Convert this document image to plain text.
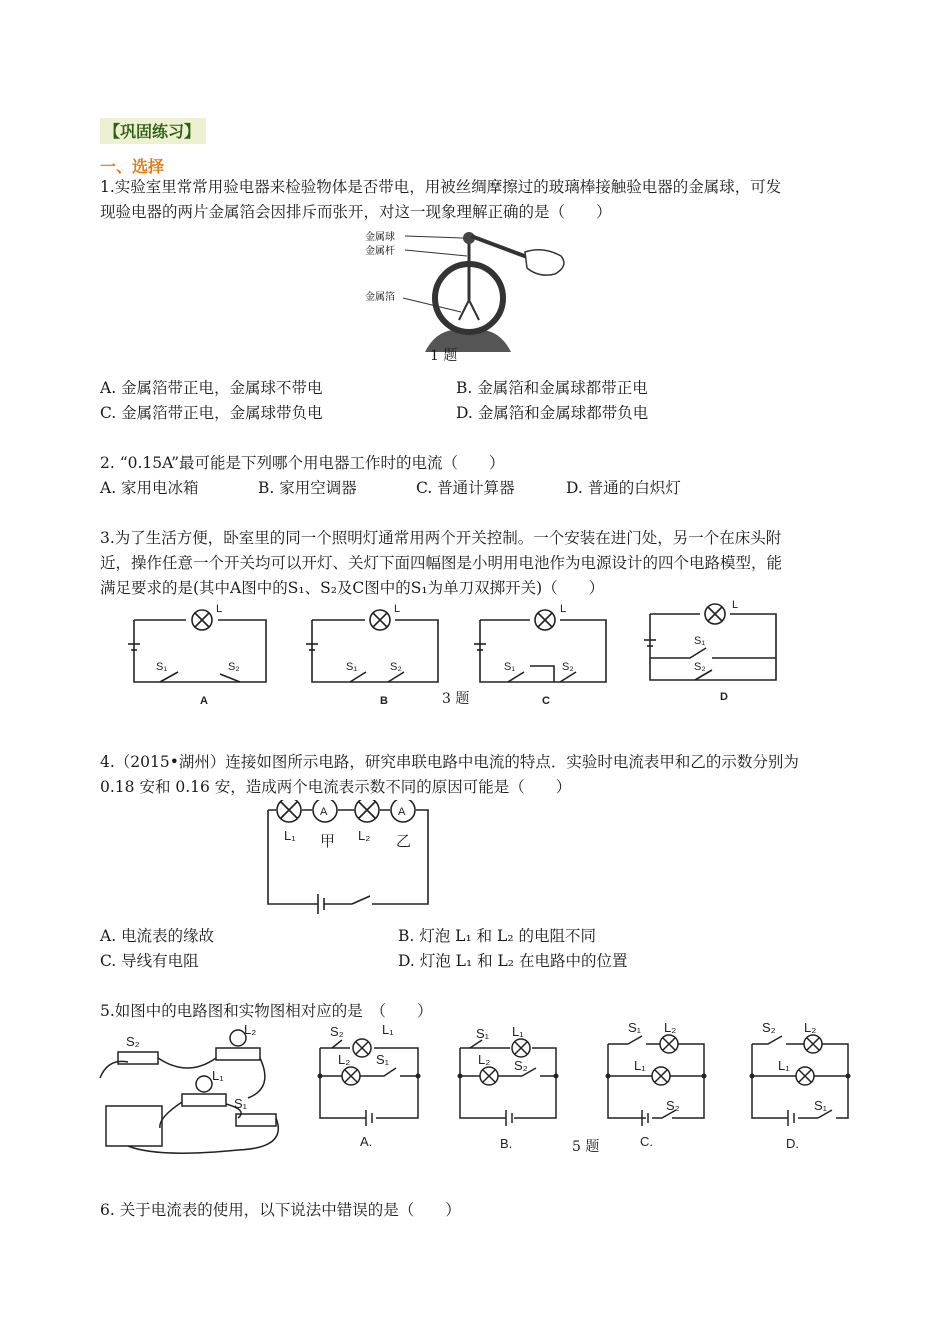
【巩固练习】
一、选择
1.实验室里常常用验电器来检验物体是否带电，用被丝绸摩擦过的玻璃棒接触验电器的金属球，可发
现验电器的两片金属箔会因排斥而张开，对这一现象理解正确的是（　　）
金属球
金属杆
金属箔
1 题
A. 金属箔带正电，金属球不带电	B. 金属箔和金属球都带正电
C. 金属箔带正电，金属球带负电	D. 金属箔和金属球都带负电
2. “0.15A”最可能是下列哪个用电器工作时的电流（　　）
A. 家用电冰箱	B. 家用空调器	C. 普通计算器	D. 普通的白炽灯
3.为了生活方便，卧室里的同一个照明灯通常用两个开关控制。一个安装在进门处，另一个在床头附
近，操作任意一个开关均可以开灯、关灯下面四幅图是小明用电池作为电源设计的四个电路模型，能
满足要求的是(其中A图中的S₁、S₂及C图中的S₁为单刀双掷开关)（　　）
L
S₁	S₂
A
L
S₁	S₂
B
L
S₁	S₂
C
L
S₁
S₂
D
3 题
4.（2015•湖州）连接如图所示电路，研究串联电路中电流的特点．实验时电流表甲和乙的示数分别为
0.18 安和 0.16 安，造成两个电流表示数不同的原因可能是（　　）
A	A
L₁ 甲 L₂ 乙
A. 电流表的缘故	B. 灯泡 L₁ 和 L₂ 的电阻不同
C. 导线有电阻	D. 灯泡 L₁ 和 L₂ 在电路中的位置
5.如图中的电路图和实物图相对应的是　（　　）
S₂
L₂
L₁
S₁
S₂	L₁
L₂ S₁
A.
S₁ L₁
L₂ S₂
B.
S₁ L₂
L₁
S₂
C.
S₂ L₂
L₁
S₁
D.
5 题
6. 关于电流表的使用，以下说法中错误的是（　　）
